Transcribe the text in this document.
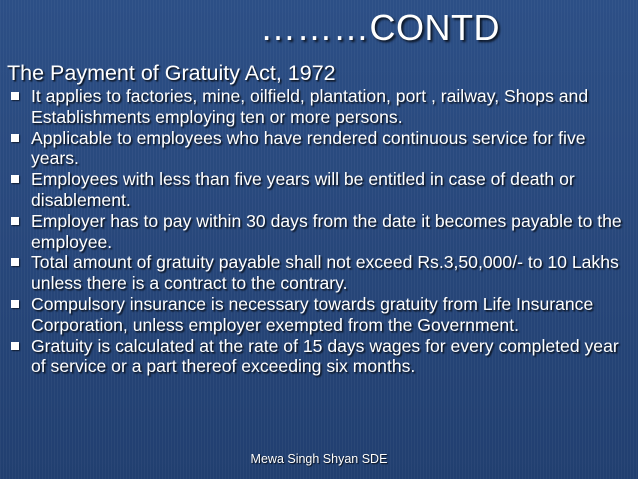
………CONTD
The Payment of Gratuity Act, 1972
It applies to factories, mine, oilfield, plantation, port , railway, Shops and Establishments employing ten or more persons.
Applicable to employees who have rendered continuous service for five years.
Employees with less than five years will be entitled in case of death or disablement.
Employer has to pay within 30 days from the date it becomes payable to the employee.
Total amount of gratuity payable shall not exceed Rs.3,50,000/- to 10 Lakhs unless there is a contract to the contrary.
Compulsory insurance is necessary towards gratuity from Life Insurance Corporation, unless employer exempted from the Government.
Gratuity is calculated at the rate of 15 days wages for every completed year of service or a part thereof exceeding six months.
Mewa Singh Shyan SDE
